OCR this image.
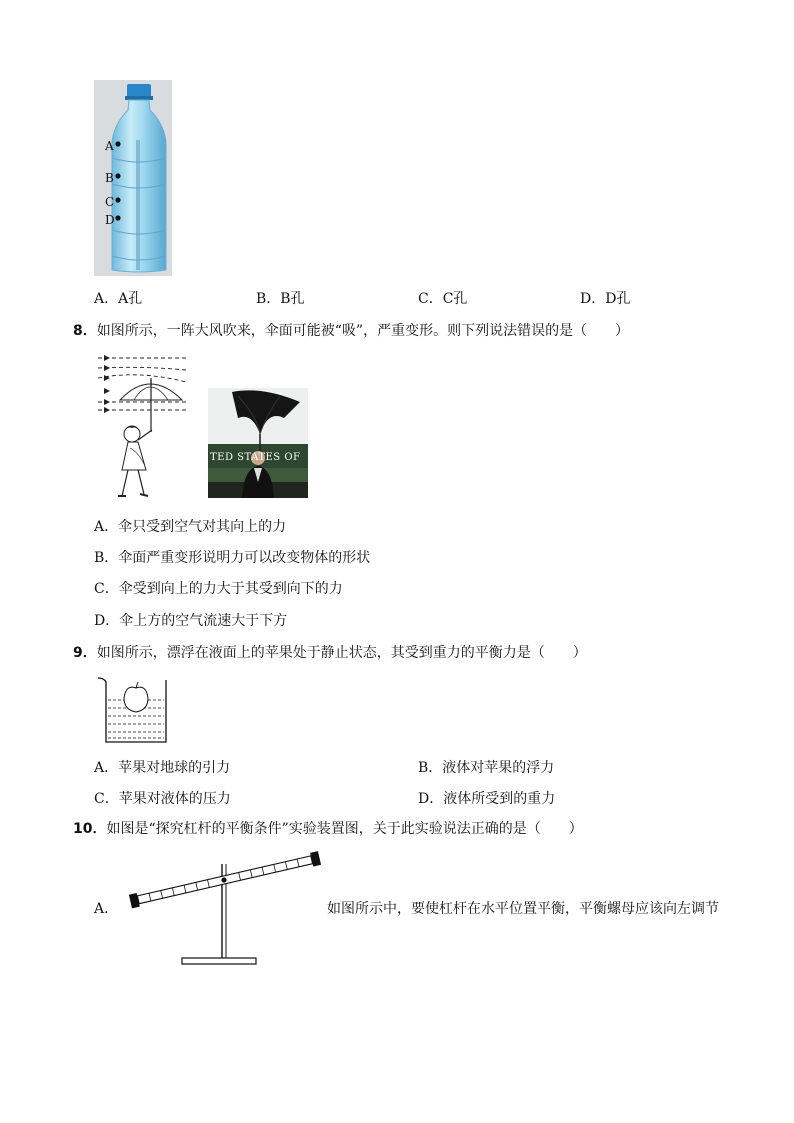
A
B
C
D
A．A孔	B．B孔	C．C孔	D．D孔
8．如图所示，一阵大风吹来，伞面可能被“吸”，严重变形。则下列说法错误的是（　　）
TED STATES OF
A．伞只受到空气对其向上的力
B．伞面严重变形说明力可以改变物体的形状
C．伞受到向上的力大于其受到向下的力
D．伞上方的空气流速大于下方
9．如图所示，漂浮在液面上的苹果处于静止状态，其受到重力的平衡力是（　　）
A．苹果对地球的引力	B．液体对苹果的浮力
C．苹果对液体的压力	D．液体所受到的重力
10．如图是“探究杠杆的平衡条件”实验装置图，关于此实验说法正确的是（　　）
A．	如图所示中，要使杠杆在水平位置平衡，平衡螺母应该向左调节
